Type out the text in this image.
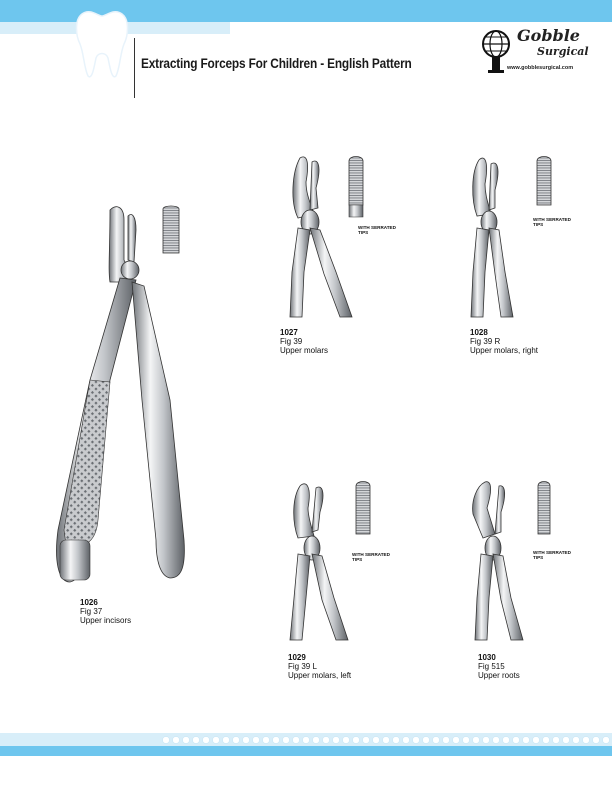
Extracting Forceps For Children - English Pattern
Gobble
Surgical
www.gobblesurgical.com
1026
Fig 37
Upper incisors
WITH SERRATED TIPS
1027
Fig 39
Upper molars
WITH SERRATED TIPS
1028
Fig 39 R
Upper molars, right
WITH SERRATED TIPS
1029
Fig 39 L
Upper molars, left
WITH SERRATED TIPS
1030
Fig 515
Upper roots
